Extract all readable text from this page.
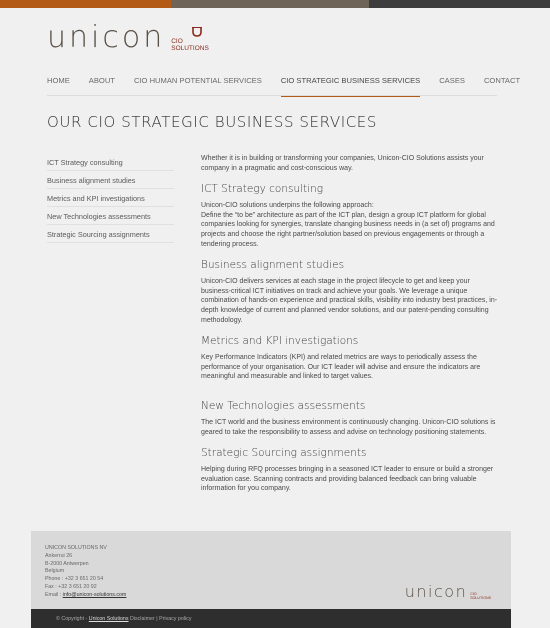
unicon CIO
SOLUTIONS
HOME	ABOUT	CIO HUMAN POTENTIAL SERVICES	CIO STRATEGIC BUSINESS SERVICES	CASES	CONTACT
OUR CIO STRATEGIC BUSINESS SERVICES
ICT Strategy consulting
Business alignment studies
Metrics and KPI investigations
New Technologies assessments
Strategic Sourcing assignments

Whether it is in building or transforming your companies, Unicon-CIO Solutions assists your company in a pragmatic and cost-conscious way.

ICT Strategy consulting

Unicon-CIO solutions underpins the following approach:
Define the “to be” architecture as part of the ICT plan, design a group ICT platform for global companies looking for synergies, translate changing business needs in (a set of) programs and projects and choose the right partner/solution based on previous engagements or through a tendering process.

Business alignment studies

Unicon-CIO delivers services at each stage in the project lifecycle to get and keep your business-critical ICT initiatives on track and achieve your goals. We leverage a unique combination of hands-on experience and practical skills, visibility into industry best practices, in-depth knowledge of current and planned vendor solutions, and our patent-pending consulting methodology.

Metrics and KPI investigations

Key Performance Indicators (KPI) and related metrics are ways to periodically assess the performance of your organisation. Our ICT leader will advise and ensure the indicators are meaningful and measurable and linked to target values.

New Technologies assessments

The ICT world and the business environment is continuously changing. Unicon-CIO solutions is geared to take the responsibility to assess and advise on technology positioning statements.

Strategic Sourcing assignments

Helping during RFQ processes bringing in a seasoned ICT leader to ensure or build a stronger evaluation case. Scanning contracts and providing balanced feedback can bring valuable information for you company.

UNICON SOLUTIONS NV
Ankerrui 26
B-2000 Antwerpen
Belgium
Phone : +32 3 651 20 54
Fax : +32 3 651 20 92
Email : info@unicon-solutions.com	unicon CIO
SOLUTIONS
© Copyright - Unicon Solutions Disclaimer | Privacy policy
